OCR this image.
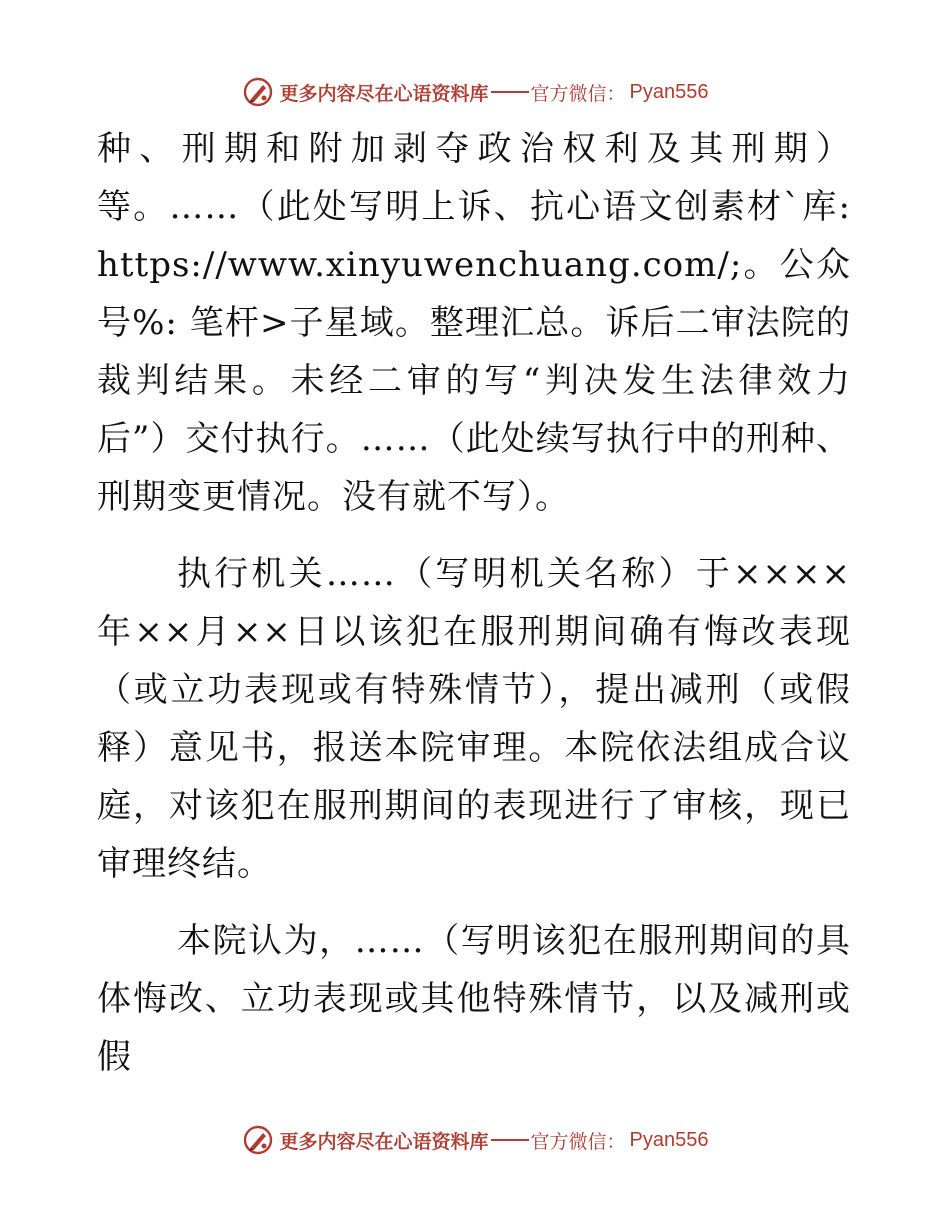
更多内容尽在心语资料库 官方微信： Pyan556

种、刑期和附加剥夺政治权利及其刑期）等。……（此处写明上诉、抗心语文创素材`库: https://www.xinyuwenchuang.com/;。公众号%: 笔杆>子星域。整理汇总。诉后二审法院的裁判结果。未经二审的写“判决发生法律效力后”）交付执行。……（此处续写执行中的刑种、刑期变更情况。没有就不写）。

执行机关……（写明机关名称）于××××年××月××日以该犯在服刑期间确有悔改表现（或立功表现或有特殊情节），提出减刑（或假释）意见书，报送本院审理。本院依法组成合议庭，对该犯在服刑期间的表现进行了审核，现已审理终结。

本院认为，……（写明该犯在服刑期间的具体悔改、立功表现或其他特殊情节，以及减刑或假

更多内容尽在心语资料库 官方微信： Pyan556
